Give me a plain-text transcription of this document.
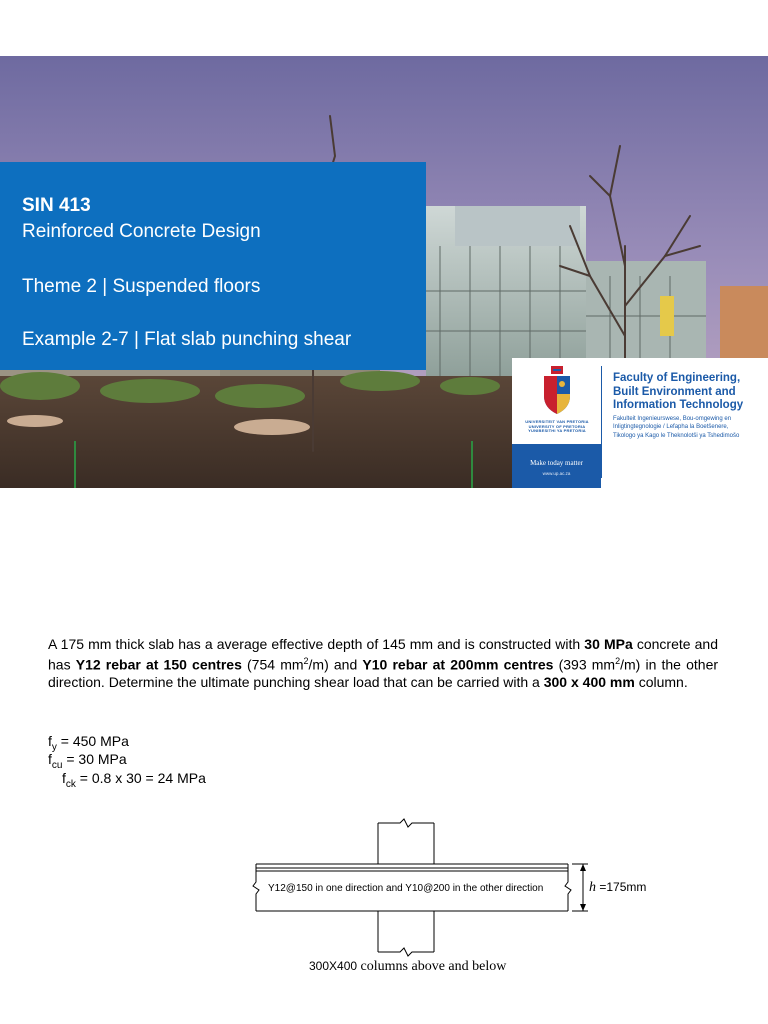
SIN 413
Reinforced Concrete Design
Theme 2 | Suspended floors
Example 2-7 | Flat slab punching shear
UNIVERSITEIT VAN PRETORIA
UNIVERSITY OF PRETORIA
YUNIBESITHI YA PRETORIA
Make today matter
www.up.ac.za
Faculty of Engineering,
Built Environment and
Information Technology
Fakulteit Ingenieurswese, Bou-omgewing en
Inligtingtegnologie / Lefapha la Boetšenere,
Tikologo ya Kago le Theknolotši ya Tshedimošo

A 175 mm thick slab has a average effective depth of 145 mm and is constructed with 30 MPa concrete and has Y12 rebar at 150 centres (754 $mm^2/m$) and Y10 rebar at 200mm centres (393 $mm^2/m$) in the other direction. Determine the ultimate punching shear load that can be carried with a 300 x 400 mm column.

$f_y = 450$ MPa
$f_{cu} = 30$ MPa
$f_{ck} = 0.8$ x 30 = 24 MPa
Y12@150 in one direction and Y10@200 in the other direction	h =175mm
300X400 columns above and below
